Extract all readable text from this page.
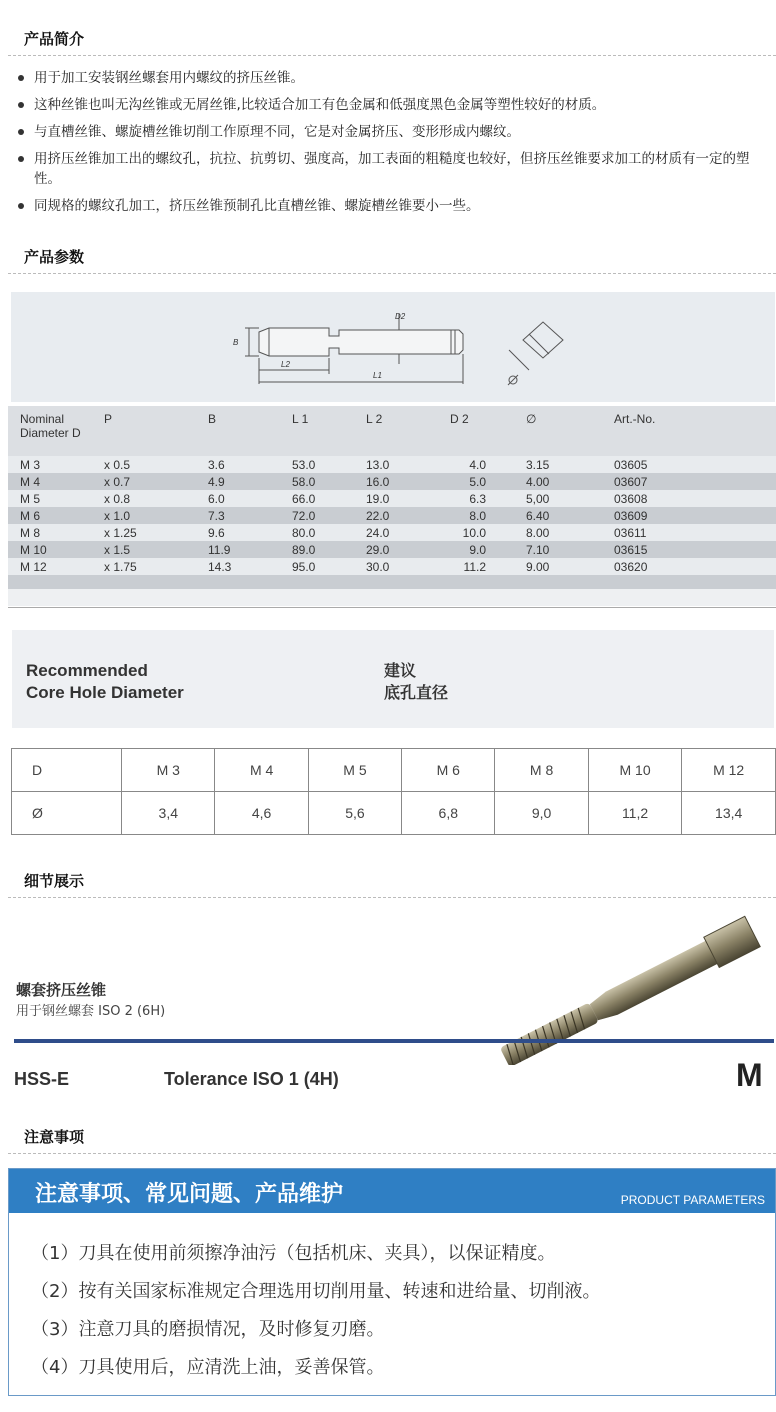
产品简介
用于加工安装钢丝螺套用内螺纹的挤压丝锥。
这种丝锥也叫无沟丝锥或无屑丝锥,比较适合加工有色金属和低强度黑色金属等塑性较好的材质。
与直槽丝锥、螺旋槽丝锥切削工作原理不同，它是对金属挤压、变形形成内螺纹。
用挤压丝锥加工出的螺纹孔，抗拉、抗剪切、强度高，加工表面的粗糙度也较好，但挤压丝锥要求加工的材质有一定的塑性。
同规格的螺纹孔加工，挤压丝锥预制孔比直槽丝锥、螺旋槽丝锥要小一些。
产品参数
D2
B
L2
L1
Nominal Diameter D	P	B	L 1	L 2	D 2	∅	Art.-No.
M 3	x 0.5	3.6	53.0	13.0	4.0	3.15	03605
M 4	x 0.7	4.9	58.0	16.0	5.0	4.00	03607
M 5	x 0.8	6.0	66.0	19.0	6.3	5,00	03608
M 6	x 1.0	7.3	72.0	22.0	8.0	6.40	03609
M 8	x 1.25	9.6	80.0	24.0	10.0	8.00	03611
M 10	x 1.5	11.9	89.0	29.0	9.0	7.10	03615
M 12	x 1.75	14.3	95.0	30.0	11.2	9.00	03620
Recommended
Core Hole Diameter
建议
底孔直径
D	M 3	M 4	M 5	M 6	M 8	M 10	M 12
Ø	3,4	4,6	5,6	6,8	9,0	11,2	13,4
细节展示
螺套挤压丝锥
用于钢丝螺套 ISO 2 (6H)
HSS-E	Tolerance ISO 1 (4H)	M
注意事项
注意事项、常见问题、产品维护	PRODUCT PARAMETERS
（1）刀具在使用前须擦净油污（包括机床、夹具），以保证精度。
（2）按有关国家标准规定合理选用切削用量、转速和进给量、切削液。
（3）注意刀具的磨损情况，及时修复刃磨。
（4）刀具使用后，应清洗上油，妥善保管。
